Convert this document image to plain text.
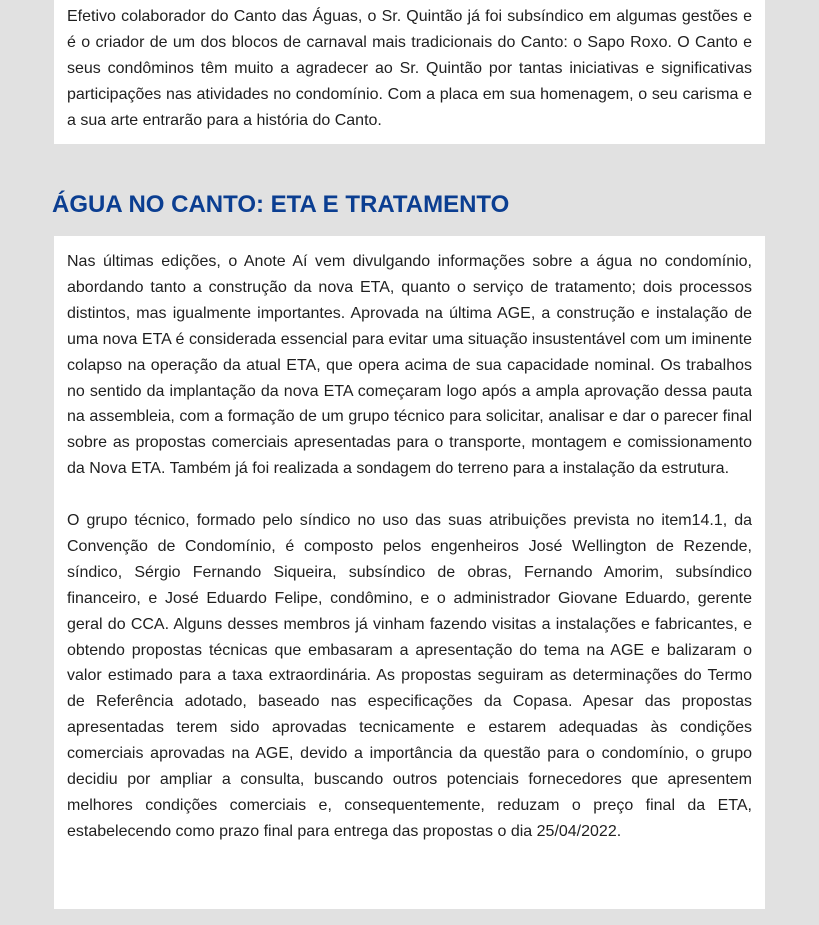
Efetivo colaborador do Canto das Águas, o Sr. Quintão já foi subsíndico em algumas gestões e é o criador de um dos blocos de carnaval mais tradicionais do Canto: o Sapo Roxo. O Canto e seus condôminos têm muito a agradecer ao Sr. Quintão por tantas iniciativas e significativas participações nas atividades no condomínio. Com a placa em sua homenagem, o seu carisma e a sua arte entrarão para a história do Canto.

ÁGUA NO CANTO: ETA E TRATAMENTO

Nas últimas edições, o Anote Aí vem divulgando informações sobre a água no condomínio, abordando tanto a construção da nova ETA, quanto o serviço de tratamento; dois processos distintos, mas igualmente importantes. Aprovada na última AGE, a construção e instalação de uma nova ETA é considerada essencial para evitar uma situação insustentável com um iminente colapso na operação da atual ETA, que opera acima de sua capacidade nominal. Os trabalhos no sentido da implantação da nova ETA começaram logo após a ampla aprovação dessa pauta na assembleia, com a formação de um grupo técnico para solicitar, analisar e dar o parecer final sobre as propostas comerciais apresentadas para o transporte, montagem e comissionamento da Nova ETA. Também já foi realizada a sondagem do terreno para a instalação da estrutura.

O grupo técnico, formado pelo síndico no uso das suas atribuições prevista no item14.1, da Convenção de Condomínio, é composto pelos engenheiros José Wellington de Rezende, síndico, Sérgio Fernando Siqueira, subsíndico de obras, Fernando Amorim, subsíndico financeiro, e José Eduardo Felipe, condômino, e o administrador Giovane Eduardo, gerente geral do CCA. Alguns desses membros já vinham fazendo visitas a instalações e fabricantes, e obtendo propostas técnicas que embasaram a apresentação do tema na AGE e balizaram o valor estimado para a taxa extraordinária. As propostas seguiram as determinações do Termo de Referência adotado, baseado nas especificações da Copasa. Apesar das propostas apresentadas terem sido aprovadas tecnicamente e estarem adequadas às condições comerciais aprovadas na AGE, devido a importância da questão para o condomínio, o grupo decidiu por ampliar a consulta, buscando outros potenciais fornecedores que apresentem melhores condições comerciais e, consequentemente, reduzam o preço final da ETA, estabelecendo como prazo final para entrega das propostas o dia 25/04/2022.
